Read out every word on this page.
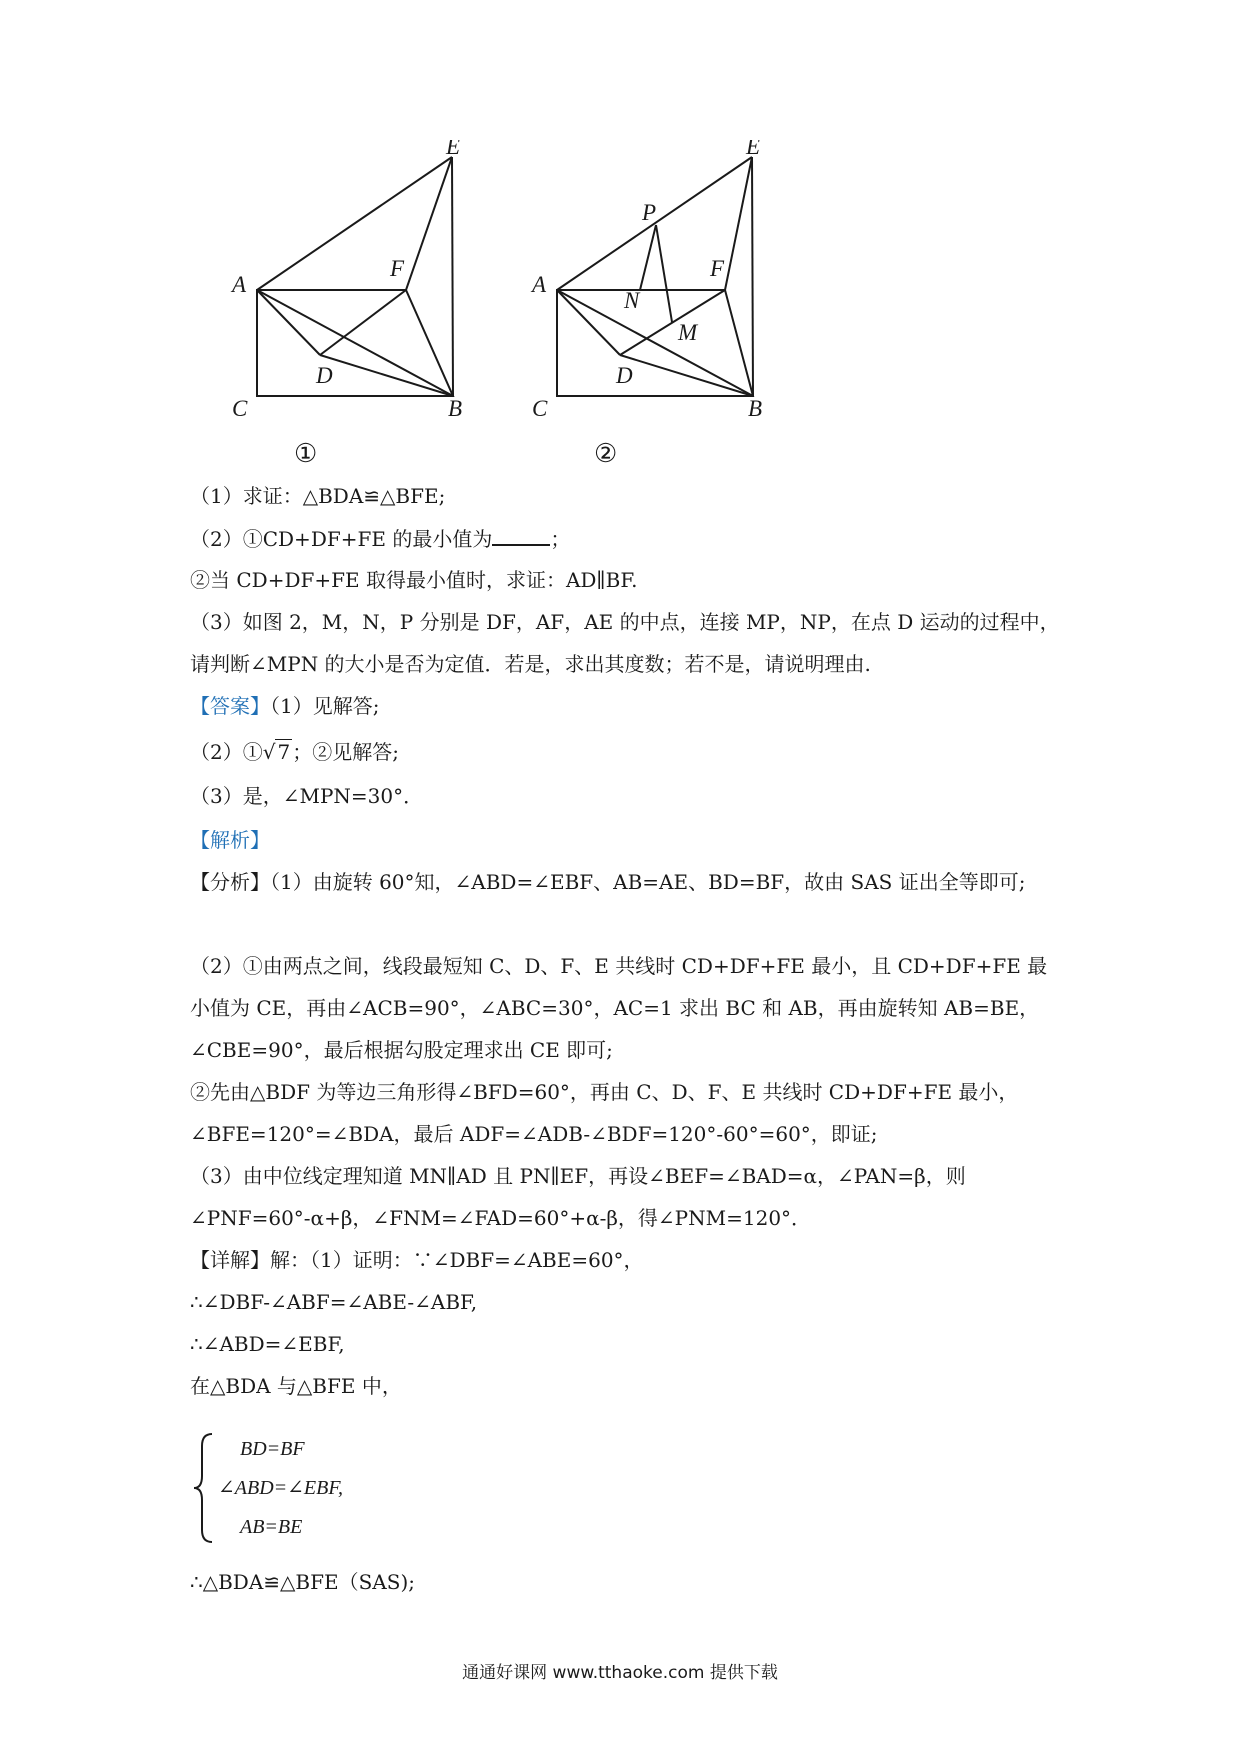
E
A
F
D
C	B
①
E
P
A
F
N
M
D
C	B
②
（1）求证：△BDA≌△BFE;
（2）①CD+DF+FE 的最小值为	；
②当 CD+DF+FE 取得最小值时，求证：AD∥BF.
（3）如图 2，M，N，P 分别是 DF，AF，AE 的中点，连接 MP，NP，在点 D 运动的过程中，
请判断∠MPN 的大小是否为定值．若是，求出其度数；若不是，请说明理由.
【答案】（1）见解答;
（2）①√ 7 ；②见解答;
（3）是，∠MPN=30°．
【解析】
【分析】（1）由旋转 60°知，∠ABD=∠EBF、AB=AE、BD=BF，故由 SAS 证出全等即可;
（2）①由两点之间，线段最短知 C、D、F、E 共线时 CD+DF+FE 最小，且 CD+DF+FE 最
小值为 CE，再由∠ACB=90°，∠ABC=30°，AC=1 求出 BC 和 AB，再由旋转知 AB=BE，
∠CBE=90°，最后根据勾股定理求出 CE 即可;
②先由△BDF 为等边三角形得∠BFD=60°，再由 C、D、F、E 共线时 CD+DF+FE 最小，
∠BFE=120°=∠BDA，最后 ADF=∠ADB-∠BDF=120°-60°=60°，即证;
（3）由中位线定理知道 MN∥AD 且 PN∥EF，再设∠BEF=∠BAD=α，∠PAN=β，则
∠PNF=60°-α+β，∠FNM=∠FAD=60°+α-β，得∠PNM=120°．
【详解】解：（1）证明：∵∠DBF=∠ABE=60°，
∴∠DBF-∠ABF=∠ABE-∠ABF,
∴∠ABD=∠EBF,
在△BDA 与△BFE 中，
BD=BF
∠ABD=∠EBF,
AB=BE
∴△BDA≌△BFE（SAS);
通通好课网 www.tthaoke.com 提供下载
